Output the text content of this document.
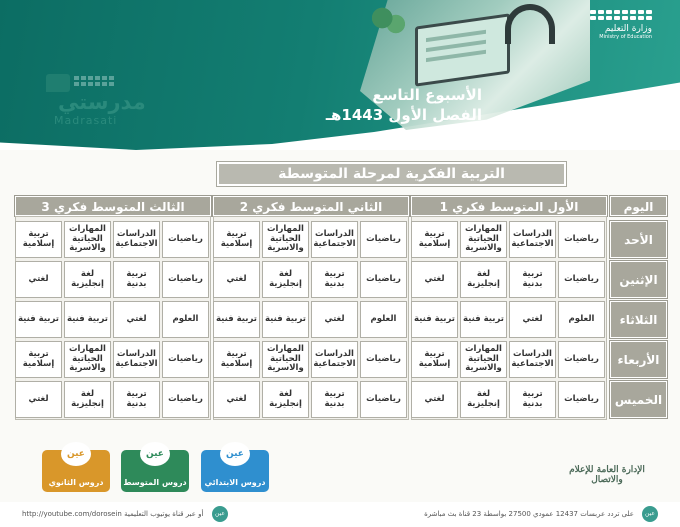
الأسبوع التاسع
الفصل الأول 1443هـ
وزارة التعليم
Ministry of Education
مدرستي
Madrasati
التربية الفكرية لمرحلة المتوسطة
اليوم
الأول المتوسط فكري 1
الثاني المتوسط فكري 2
الثالث المتوسط فكري 3
الأحد
رياضيات
الدراسات الاجتماعية
المهارات الحياتية والاسرية
تربية إسلامية
رياضيات
الدراسات الاجتماعية
المهارات الحياتية والاسرية
تربية إسلامية
رياضيات
الدراسات الاجتماعية
المهارات الحياتية والاسرية
تربية إسلامية
الإثنين
رياضيات
تربية بدنية
لغة إنجليزية
لغتي
رياضيات
تربية بدنية
لغة إنجليزية
لغتي
رياضيات
تربية بدنية
لغة إنجليزية
لغتي
الثلاثاء
العلوم
لغتي
تربية فنية
تربية فنية
العلوم
لغتي
تربية فنية
تربية فنية
العلوم
لغتي
تربية فنية
تربية فنية
الأربعاء
رياضيات
الدراسات الاجتماعية
المهارات الحياتية والاسرية
تربية إسلامية
رياضيات
الدراسات الاجتماعية
المهارات الحياتية والاسرية
تربية إسلامية
رياضيات
الدراسات الاجتماعية
المهارات الحياتية والاسرية
تربية إسلامية
الخميس
رياضيات
تربية بدنية
لغة إنجليزية
لغتي
رياضيات
تربية بدنية
لغة إنجليزية
لغتي
رياضيات
تربية بدنية
لغة إنجليزية
لغتي
عين
دروس الابتدائي
عين
دروس المتوسط
عين
دروس الثانوي
الإدارة العامة للإعلام والاتصال
عين
على تردد عربسات 12437 عمودي 27500 بواسطة 23 قناة بث مباشرة
عين
http://youtube.com/dorosein أو عبر قناة يوتيوب التعليمية
